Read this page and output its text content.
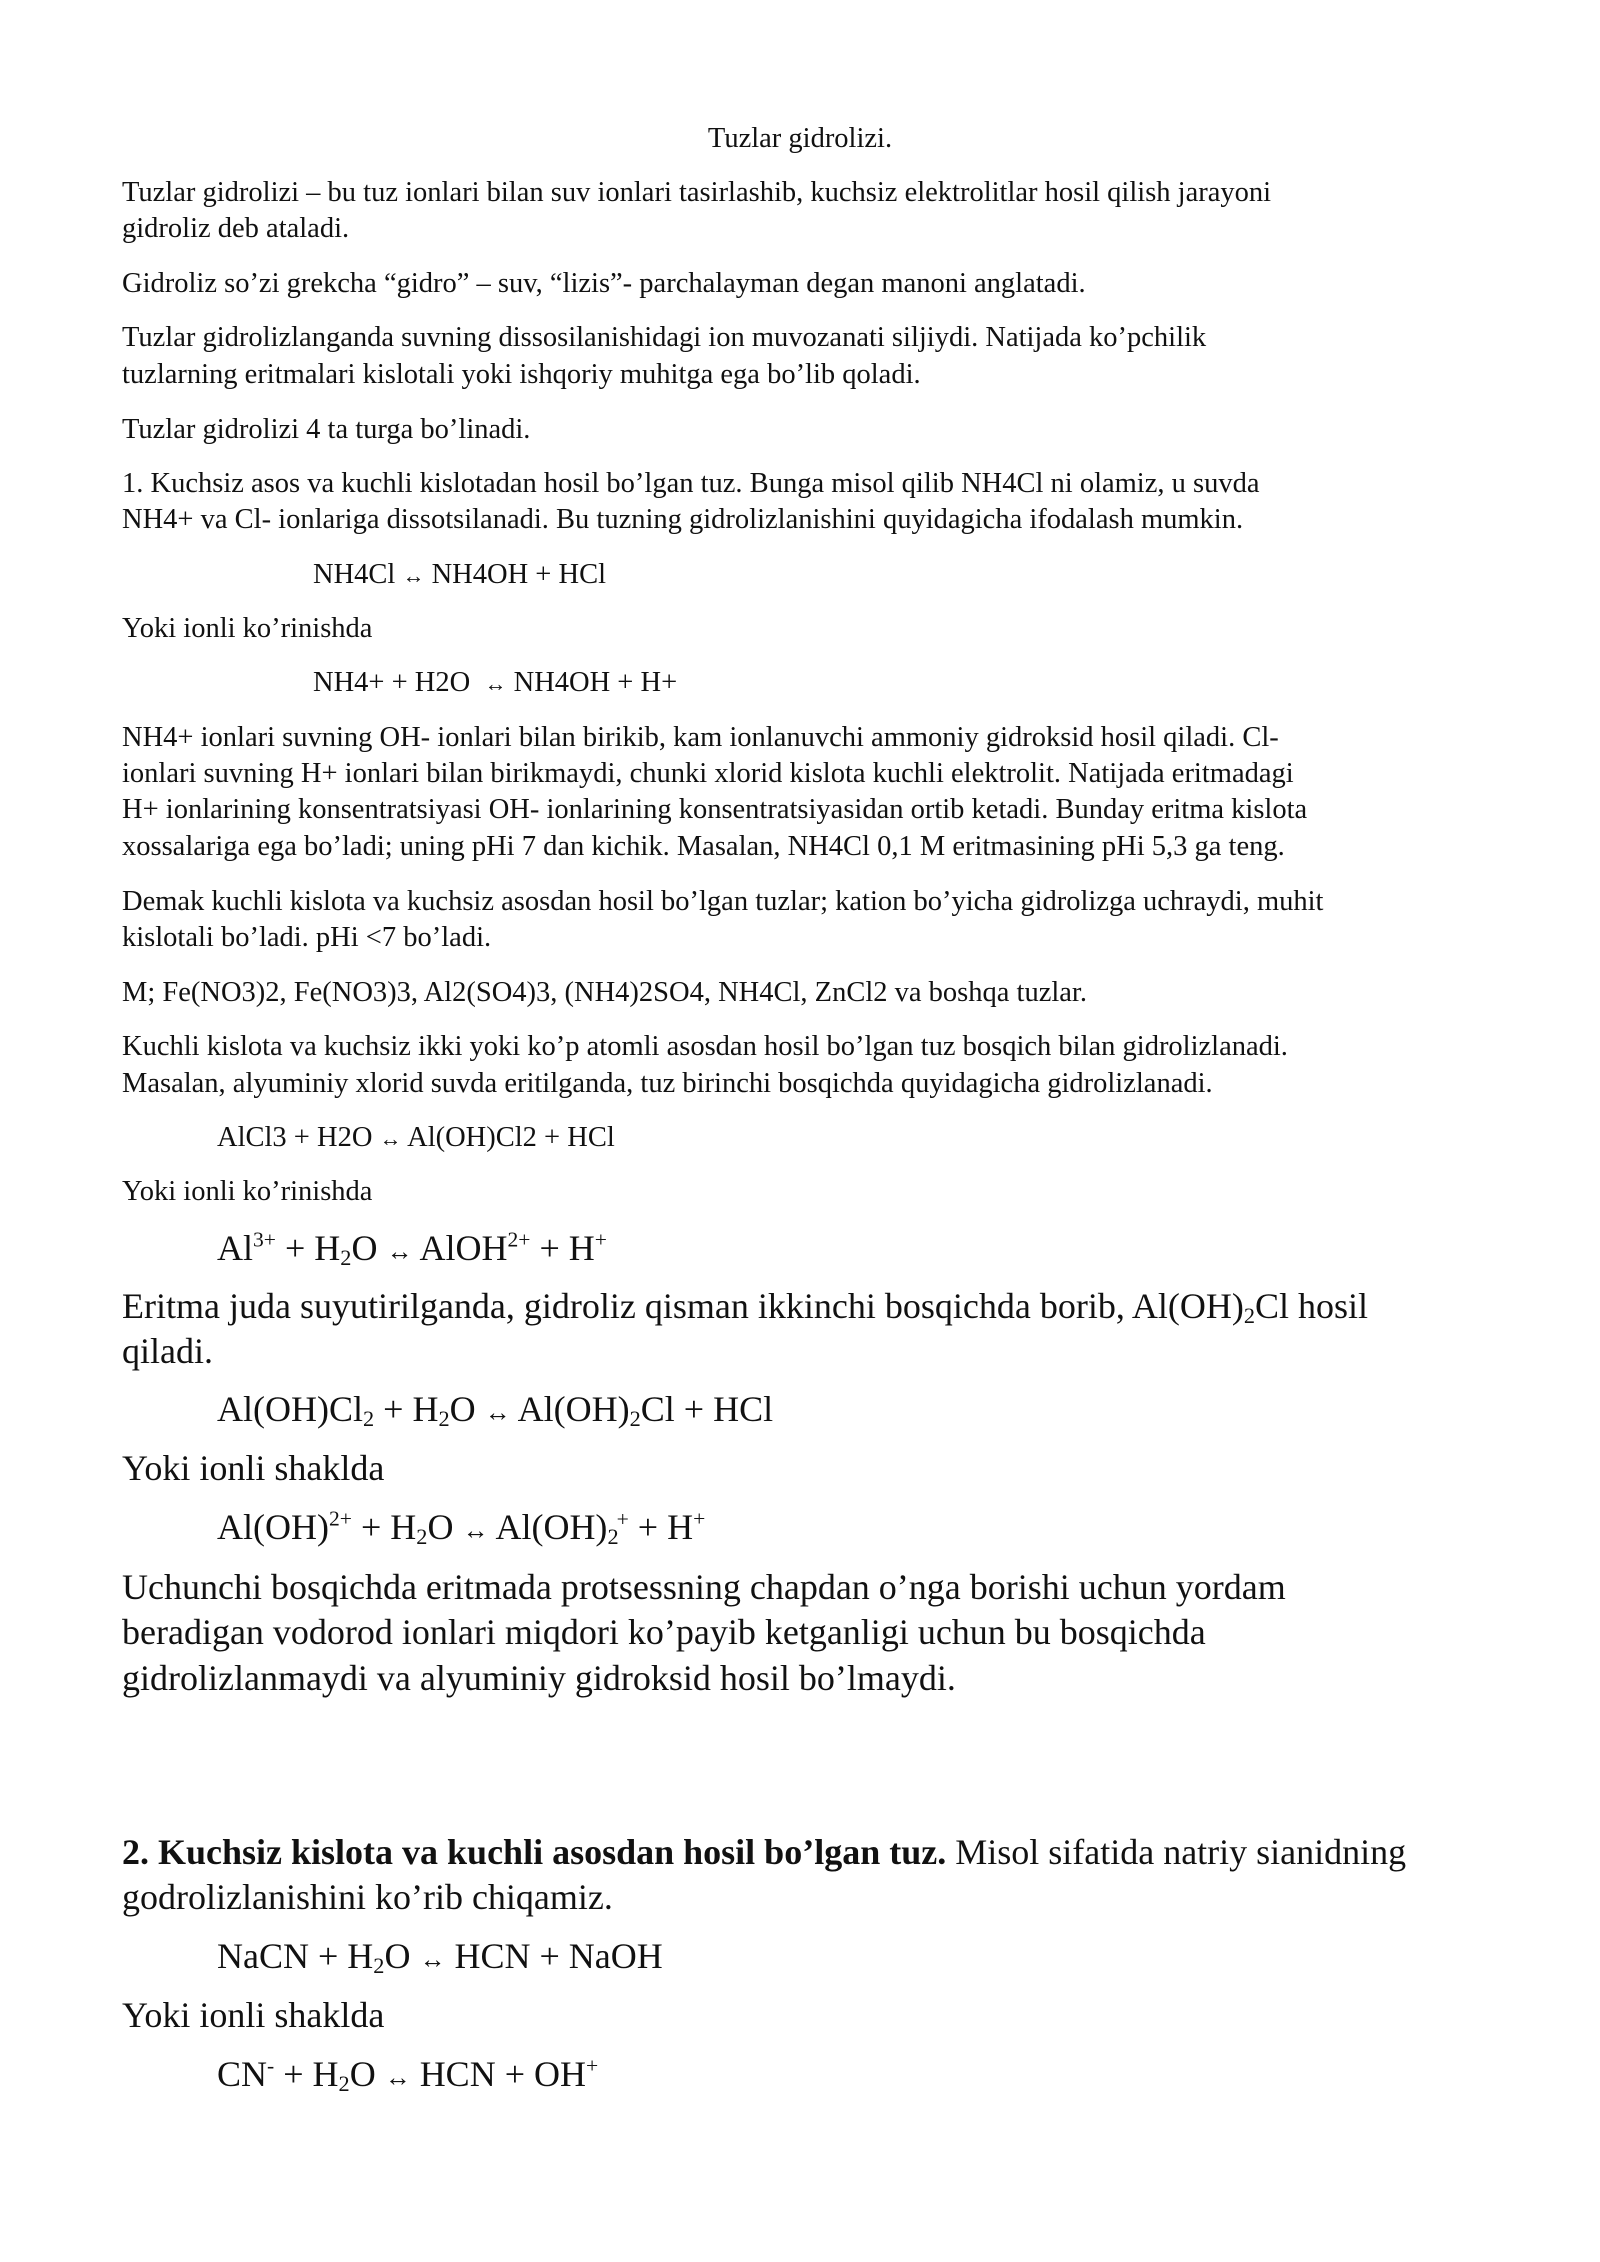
Tuzlar gidrolizi.

Tuzlar gidrolizi – bu tuz ionlari bilan suv ionlari tasirlashib, kuchsiz elektrolitlar hosil qilish jarayoni

gidroliz deb ataladi.

Gidroliz so’zi grekcha “gidro” – suv, “lizis”- parchalayman degan manoni anglatadi.

Tuzlar gidrolizlanganda suvning dissosilanishidagi ion muvozanati siljiydi. Natijada ko’pchilik

tuzlarning eritmalari kislotali yoki ishqoriy muhitga ega bo’lib qoladi.

Tuzlar gidrolizi 4 ta turga bo’linadi.

1. Kuchsiz asos va kuchli kislotadan hosil bo’lgan tuz. Bunga misol qilib NH4Cl ni olamiz, u suvda

NH4+ va Cl- ionlariga dissotsilanadi. Bu tuzning gidrolizlanishini quyidagicha ifodalash mumkin.

NH4Cl ↔ NH4OH + HCl

Yoki ionli ko’rinishda

NH4+ + H2O ↔ NH4OH + H+

NH4+ ionlari suvning OH- ionlari bilan birikib, kam ionlanuvchi ammoniy gidroksid hosil qiladi. Cl-

ionlari suvning H+ ionlari bilan birikmaydi, chunki xlorid kislota kuchli elektrolit. Natijada eritmadagi

H+ ionlarining konsentratsiyasi OH- ionlarining konsentratsiyasidan ortib ketadi. Bunday eritma kislota

xossalariga ega bo’ladi; uning pHi 7 dan kichik. Masalan, NH4Cl 0,1 M eritmasining pHi 5,3 ga teng.

Demak kuchli kislota va kuchsiz asosdan hosil bo’lgan tuzlar; kation bo’yicha gidrolizga uchraydi, muhit

kislotali bo’ladi. pHi <7 bo’ladi.

M; Fe(NO3)2, Fe(NO3)3, Al2(SO4)3, (NH4)2SO4, NH4Cl, ZnCl2 va boshqa tuzlar.

Kuchli kislota va kuchsiz ikki yoki ko’p atomli asosdan hosil bo’lgan tuz bosqich bilan gidrolizlanadi.

Masalan, alyuminiy xlorid suvda eritilganda, tuz birinchi bosqichda quyidagicha gidrolizlanadi.

AlCl3 + H2O ↔ Al(OH)Cl2 + HCl

Yoki ionli ko’rinishda

$Al^{3+} + H_2O$ ↔ AlOH$^{2+}$ + H+

Eritma juda suyutirilganda, gidroliz qisman ikkinchi bosqichda borib, $Al(OH)_2Cl$ hosil

qiladi.

$Al(OH)Cl_2 + H_2O$ ↔ $Al(OH)_2Cl$ + HCl

Yoki ionli shaklda

$Al(OH)^{2+} + H_2O$ ↔ $Al(OH)_2^+ + H^+$

Uchunchi bosqichda eritmada protsessning chapdan o’nga borishi uchun yordam

beradigan vodorod ionlari miqdori ko’payib ketganligi uchun bu bosqichda

gidrolizlanmaydi va alyuminiy gidroksid hosil bo’lmaydi.

2. Kuchsiz kislota va kuchli asosdan hosil bo’lgan tuz. Misol sifatida natriy sianidning

godrolizlanishini ko’rib chiqamiz.

NaCN + $H_2O$ ↔ HCN + NaOH

Yoki ionli shaklda

$CN^- + H_2O$ ↔ HCN + OH+
